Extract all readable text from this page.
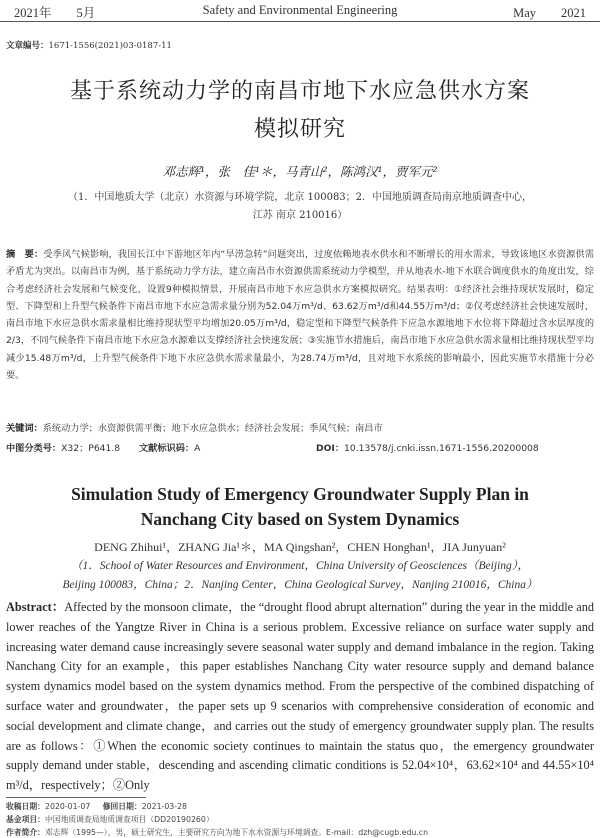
2021年　　5月	Safety and Environmental Engineering	May　　2021
文章编号：1671-1556(2021)03-0187-11
基于系统动力学的南昌市地下水应急供水方案
模拟研究
邓志辉¹，张　佳¹＊，马青山²，陈鸿汉¹，贾军元²
（1．中国地质大学（北京）水资源与环境学院，北京 100083；2．中国地质调查局南京地质调查中心，
江苏 南京 210016）
摘　要：受季风气候影响，我国长江中下游地区年内“旱涝急转”问题突出，过度依赖地表水供水和不断增长的用水需求，导致该地区水资源供需矛盾尤为突出。以南昌市为例，基于系统动力学方法，建立南昌市水资源供需系统动力学模型，并从地表水-地下水联合调度供水的角度出发，综合考虑经济社会发展和气候变化，设置9种模拟情景，开展南昌市地下水应急供水方案模拟研究。结果表明：①经济社会维持现状发展时，稳定型、下降型和上升型气候条件下南昌市地下水应急需求量分别为52.04万m³/d、63.62万m³/d和44.55万m³/d；②仅考虑经济社会快速发展时，南昌市地下水应急供水需求量相比维持现状型平均增加20.05万m³/d，稳定型和下降型气候条件下应急水源地地下水位将下降超过含水层厚度的2/3，不同气候条件下南昌市地下水应急水源难以支撑经济社会快速发展；③实施节水措施后，南昌市地下水应急供水需求量相比维持现状型平均减少15.48万m³/d，上升型气候条件下地下水应急供水需求量最小，为28.74万m³/d，且对地下水系统的影响最小，因此实施节水措施十分必要。
关键词：系统动力学；水资源供需平衡；地下水应急供水；经济社会发展；季风气候；南昌市
中图分类号：X32；P641.8 文献标识码：A	DOI：10.13578/j.cnki.issn.1671-1556.20200008
Simulation Study of Emergency Groundwater Supply Plan in
Nanchang City based on System Dynamics
DENG Zhihui¹，ZHANG Jia¹＊，MA Qingshan²，CHEN Honghan¹，JIA Junyuan²
（1．School of Water Resources and Environment，China University of Geosciences（Beijing），
Beijing 100083，China；2．Nanjing Center，China Geological Survey，Nanjing 210016，China）
Abstract：Affected by the monsoon climate，the “drought flood abrupt alternation” during the year in the middle and lower reaches of the Yangtze River in China is a serious problem. Excessive reliance on surface water supply and increasing water demand cause increasingly severe seasonal water supply and demand imbalance in the region. Taking Nanchang City for an example，this paper establishes Nanchang City water resource supply and demand balance system dynamics model based on the system dynamics method. From the perspective of the combined dispatching of surface water and groundwater，the paper sets up 9 scenarios with comprehensive consideration of economic and social development and climate change，and carries out the study of emergency groundwater supply plan. The results are as follows：①When the economic society continues to maintain the status quo，the emergency groundwater supply demand under stable，descending and ascending climatic conditions is 52.04×10⁴，63.62×10⁴ and 44.55×10⁴ m³/d，respectively；②Only
收稿日期：2020-01-07 修回日期：2021-03-28
基金项目：中国地质调查局地质调查项目（DD20190260）
作者简介：邓志辉（1995—），男，硕士研究生，主要研究方向为地下水水资源与环境调查。E-mail：dzh@cugb.edu.cn
